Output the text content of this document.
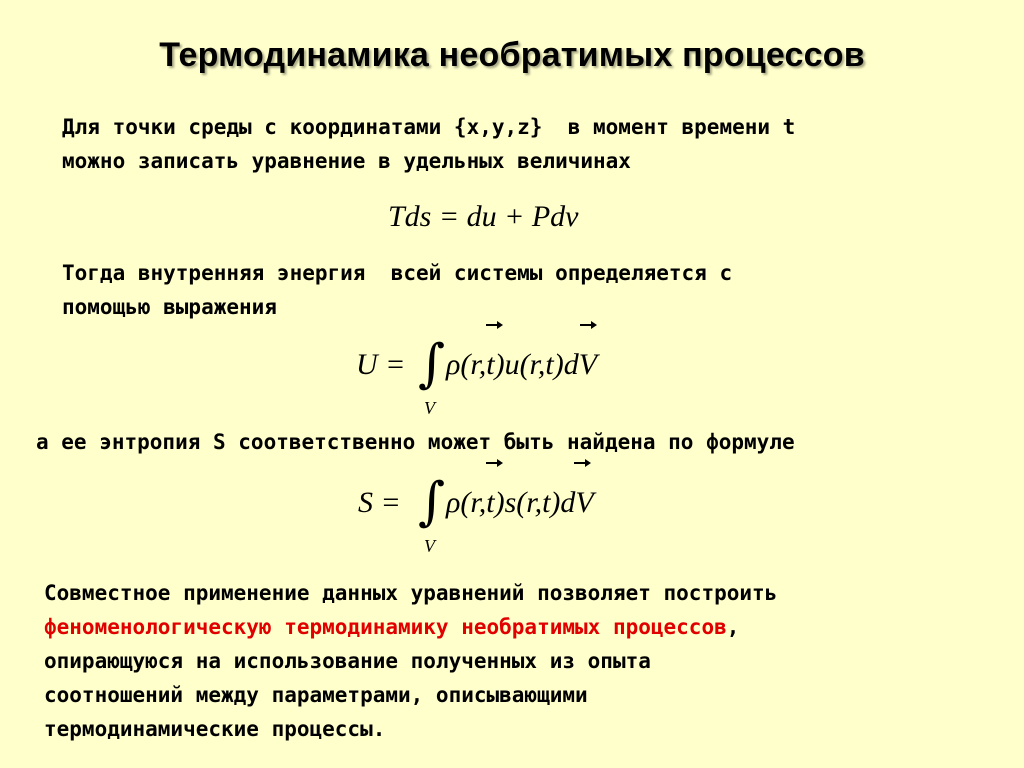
Термодинамика необратимых процессов
Для точки среды с координатами {x,y,z}  в момент времени t
можно записать уравнение в удельных величинах
Tds = du + Pdv
Тогда внутренняя энергия  всей системы определяется с
помощью выражения
U = ∫
V
ρ(r,t)u(r,t)dV
а ее энтропия S соответственно может быть найдена по формуле
S = ∫
V
ρ(r,t)s(r,t)dV
Совместное применение данных уравнений позволяет построить
феноменологическую термодинамику необратимых процессов,
опирающуюся на использование полученных из опыта
соотношений между параметрами, описывающими
термодинамические процессы.
